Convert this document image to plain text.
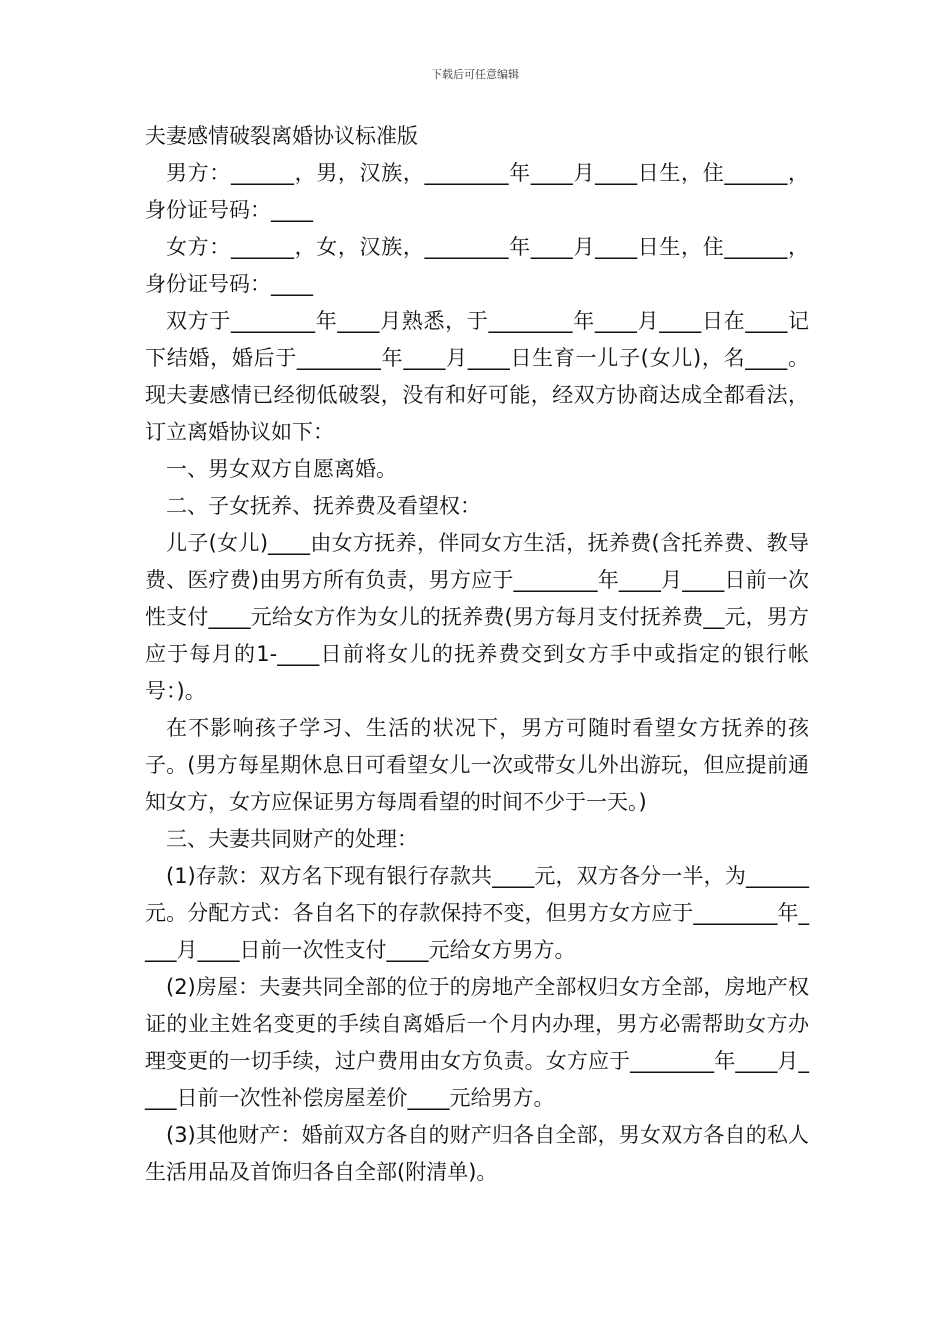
下载后可任意编辑
夫妻感情破裂离婚协议标准版

男方：______，男，汉族，________年____月____日生，住______，身份证号码：____

女方：______，女，汉族，________年____月____日生，住______，身份证号码：____

双方于________年____月熟悉，于________年____月____日在____记下结婚，婚后于________年____月____日生育一儿子(女儿)，名____。现夫妻感情已经彻低破裂，没有和好可能，经双方协商达成全都看法，订立离婚协议如下：

一、男女双方自愿离婚。

二、子女抚养、抚养费及看望权：

儿子(女儿)____由女方抚养，伴同女方生活，抚养费(含托养费、教导费、医疗费)由男方所有负责，男方应于________年____月____日前一次性支付____元给女方作为女儿的抚养费(男方每月支付抚养费__元，男方应于每月的1-____日前将女儿的抚养费交到女方手中或指定的银行帐号：)。

在不影响孩子学习、生活的状况下，男方可随时看望女方抚养的孩子。(男方每星期休息日可看望女儿一次或带女儿外出游玩，但应提前通知女方，女方应保证男方每周看望的时间不少于一天。)

三、夫妻共同财产的处理：

(1)存款：双方名下现有银行存款共____元，双方各分一半，为______元。分配方式：各自名下的存款保持不变，但男方女方应于________年____月____日前一次性支付____元给女方男方。

(2)房屋：夫妻共同全部的位于的房地产全部权归女方全部，房地产权证的业主姓名变更的手续自离婚后一个月内办理，男方必需帮助女方办理变更的一切手续，过户费用由女方负责。女方应于________年____月____日前一次性补偿房屋差价____元给男方。

(3)其他财产：婚前双方各自的财产归各自全部，男女双方各自的私人生活用品及首饰归各自全部(附清单)。
